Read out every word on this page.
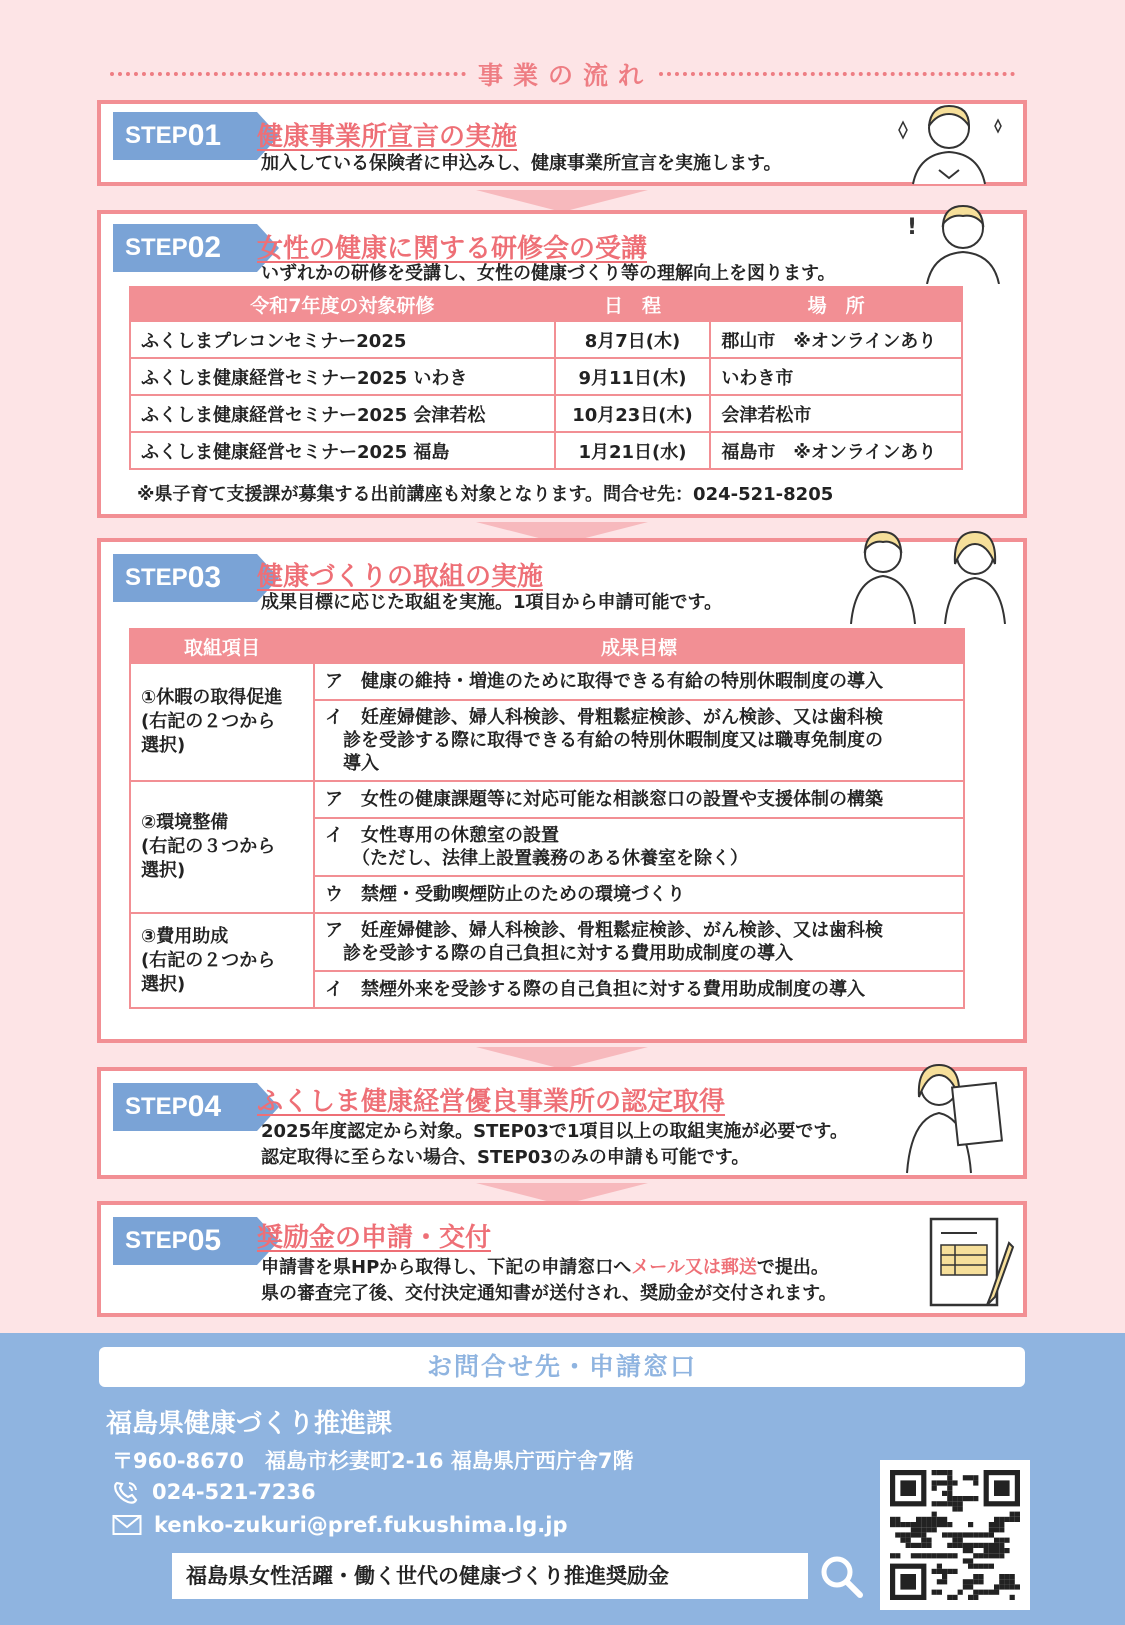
事業の流れ
STEP 01 健康事業所宣言の実施
加入している保険者に申込みし、健康事業所宣言を実施します。
STEP 02 女性の健康に関する研修会の受講
いずれかの研修を受講し、女性の健康づくり等の理解向上を図ります。
!
令和7年度の対象研修	日　程	場　所
ふくしまプレコンセミナー2025	8月7日(木)	郡山市　※オンラインあり
ふくしま健康経営セミナー2025 いわき	9月11日(木)	いわき市
ふくしま健康経営セミナー2025 会津若松	10月23日(木)	会津若松市
ふくしま健康経営セミナー2025 福島	1月21日(水)	福島市　※オンラインあり
※県子育て支援課が募集する出前講座も対象となります。問合せ先：024-521-8205
STEP 03 健康づくりの取組の実施
成果目標に応じた取組を実施。1項目から申請可能です。
取組項目	成果目標
①休暇の取得促進
(右記の２つから
選択)	ア　健康の維持・増進のために取得できる有給の特別休暇制度の導入
	イ　妊産婦健診、婦人科検診、骨粗鬆症検診、がん検診、又は歯科検
　診を受診する際に取得できる有給の特別休暇制度又は職専免制度の
　導入
②環境整備
(右記の３つから
選択)	ア　女性の健康課題等に対応可能な相談窓口の設置や支援体制の構築
	イ　女性専用の休憩室の設置
　　（ただし、法律上設置義務のある休養室を除く）
	ウ　禁煙・受動喫煙防止のための環境づくり
③費用助成
(右記の２つから
選択)	ア　妊産婦健診、婦人科検診、骨粗鬆症検診、がん検診、又は歯科検
　診を受診する際の自己負担に対する費用助成制度の導入
	イ　禁煙外来を受診する際の自己負担に対する費用助成制度の導入
STEP 04 ふくしま健康経営優良事業所の認定取得
2025年度認定から対象。STEP03で1項目以上の取組実施が必要です。
認定取得に至らない場合、STEP03のみの申請も可能です。
STEP 05 奨励金の申請・交付
申請書を県HPから取得し、下記の申請窓口へメール又は郵送で提出。
県の審査完了後、交付決定通知書が送付され、奨励金が交付されます。
お問合せ先・申請窓口
福島県健康づくり推進課
〒960-8670　福島市杉妻町2-16 福島県庁西庁舎7階
024-521-7236
kenko-zukuri@pref.fukushima.lg.jp
福島県女性活躍・働く世代の健康づくり推進奨励金
